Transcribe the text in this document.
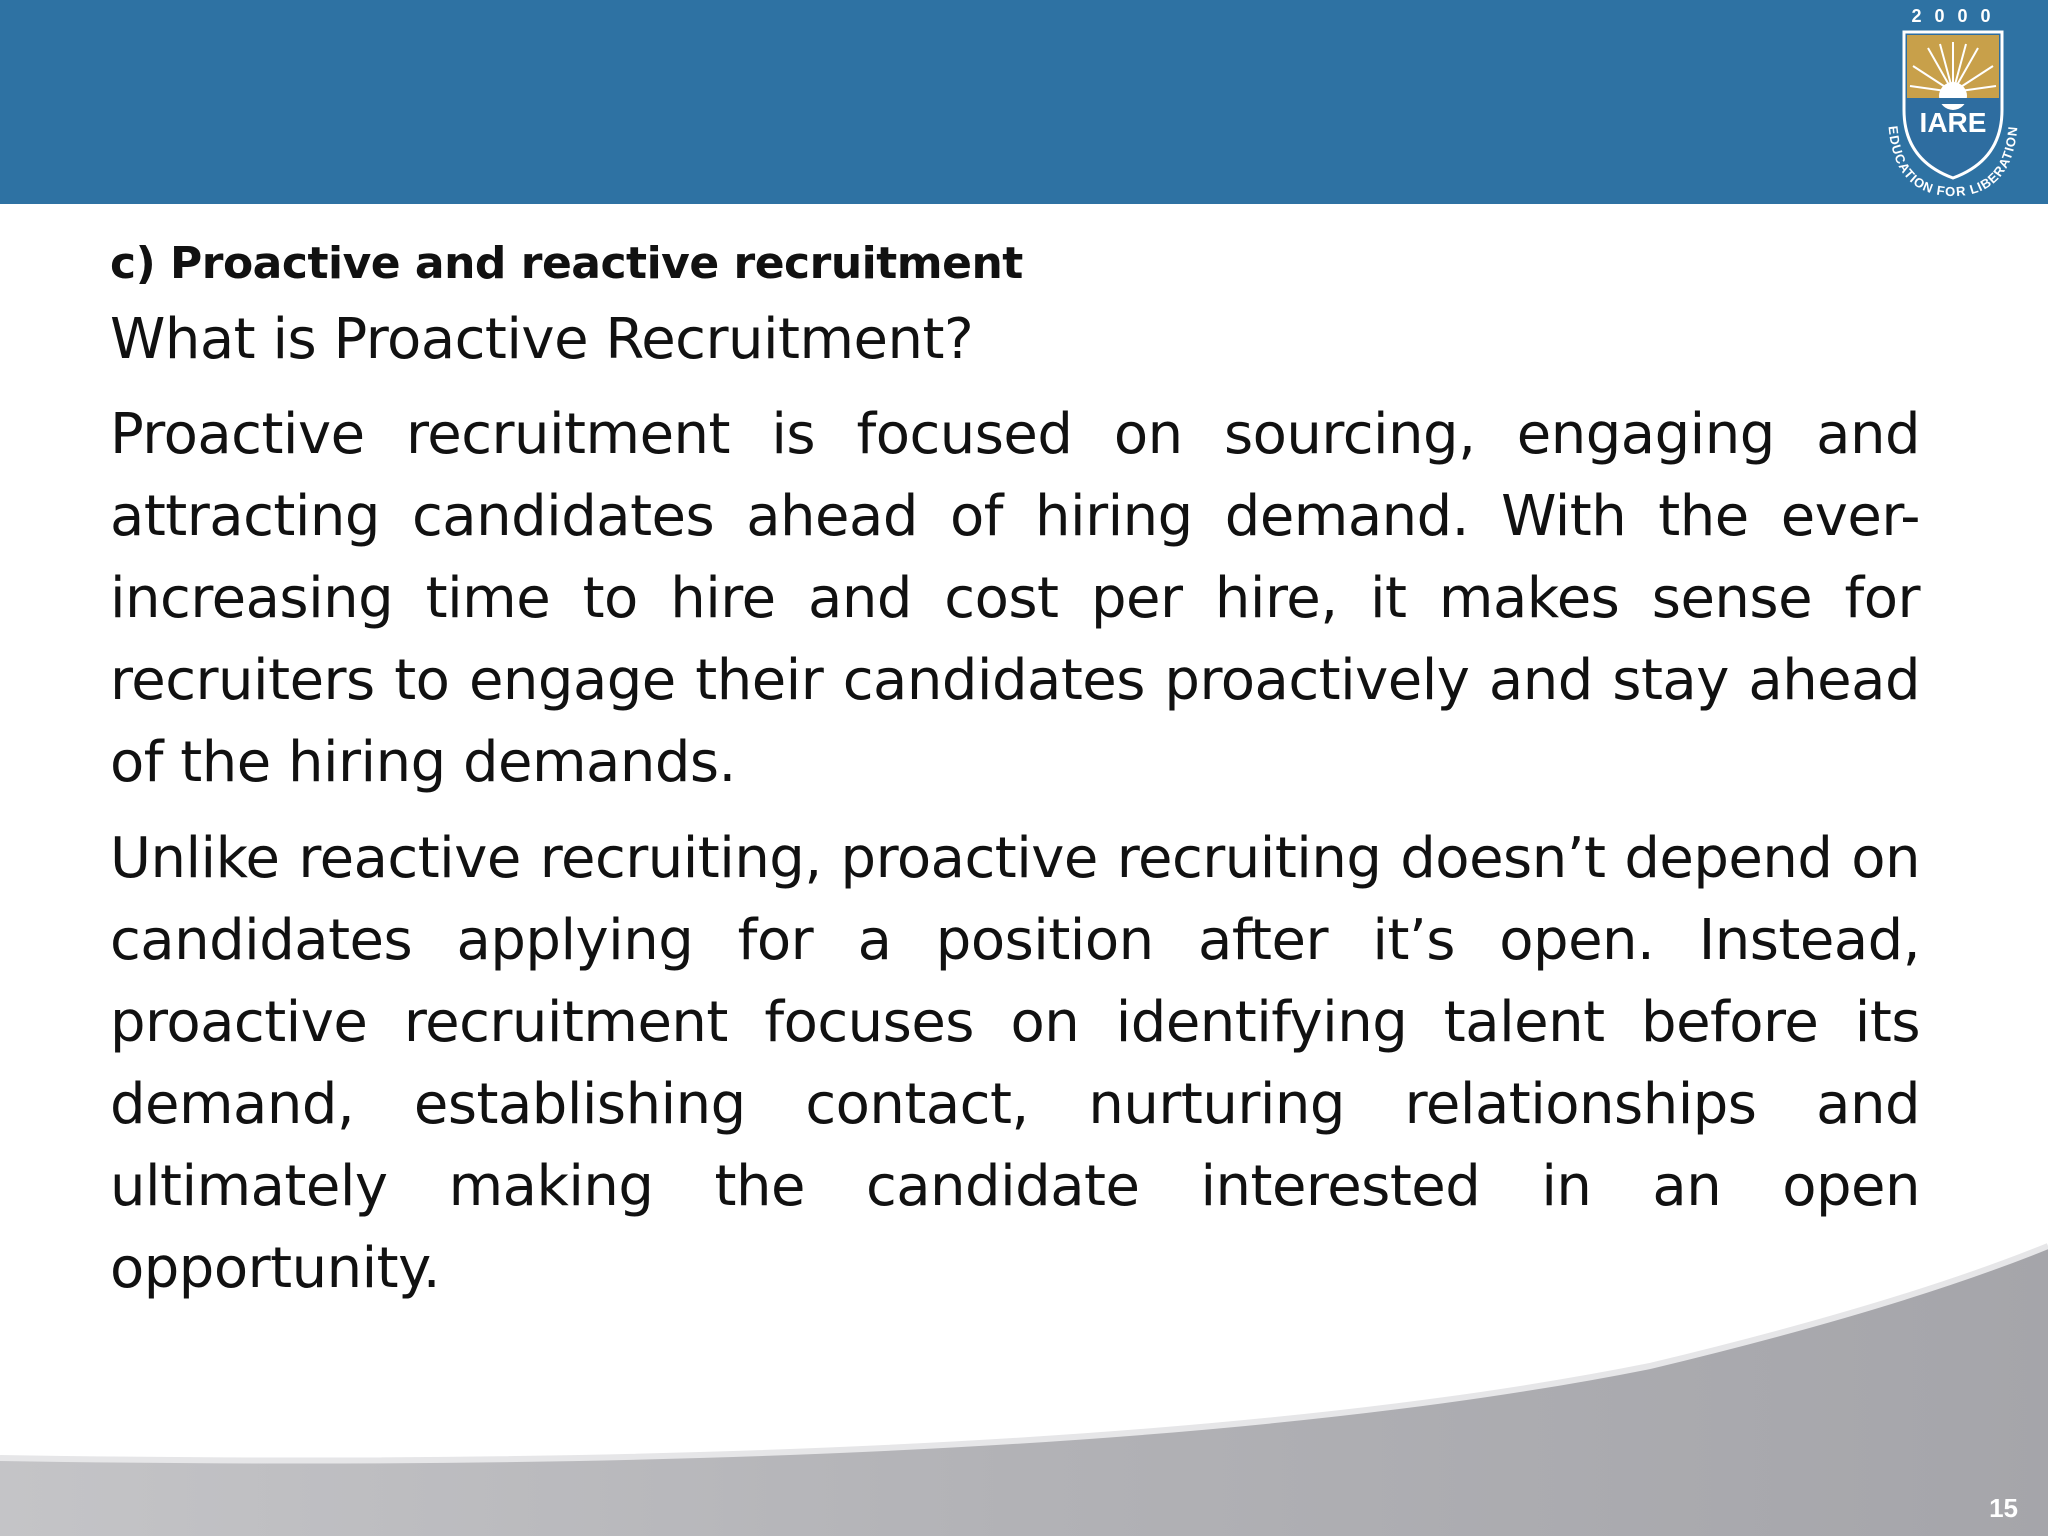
2 0 0 0
IARE
EDUCATION FOR LIBERATION
c) Proactive and reactive recruitment
What is Proactive Recruitment?

Proactive recruitment is focused on sourcing, engaging and attracting candidates ahead of hiring demand. With the ever-increasing time to hire and cost per hire, it makes sense for recruiters to engage their candidates proactively and stay ahead of the hiring demands.

Unlike reactive recruiting, proactive recruiting doesn’t depend on candidates applying for a position after it’s open. Instead, proactive recruitment focuses on identifying talent before its demand, establishing contact, nurturing relationships and ultimately making the candidate interested in an open opportunity.

15
